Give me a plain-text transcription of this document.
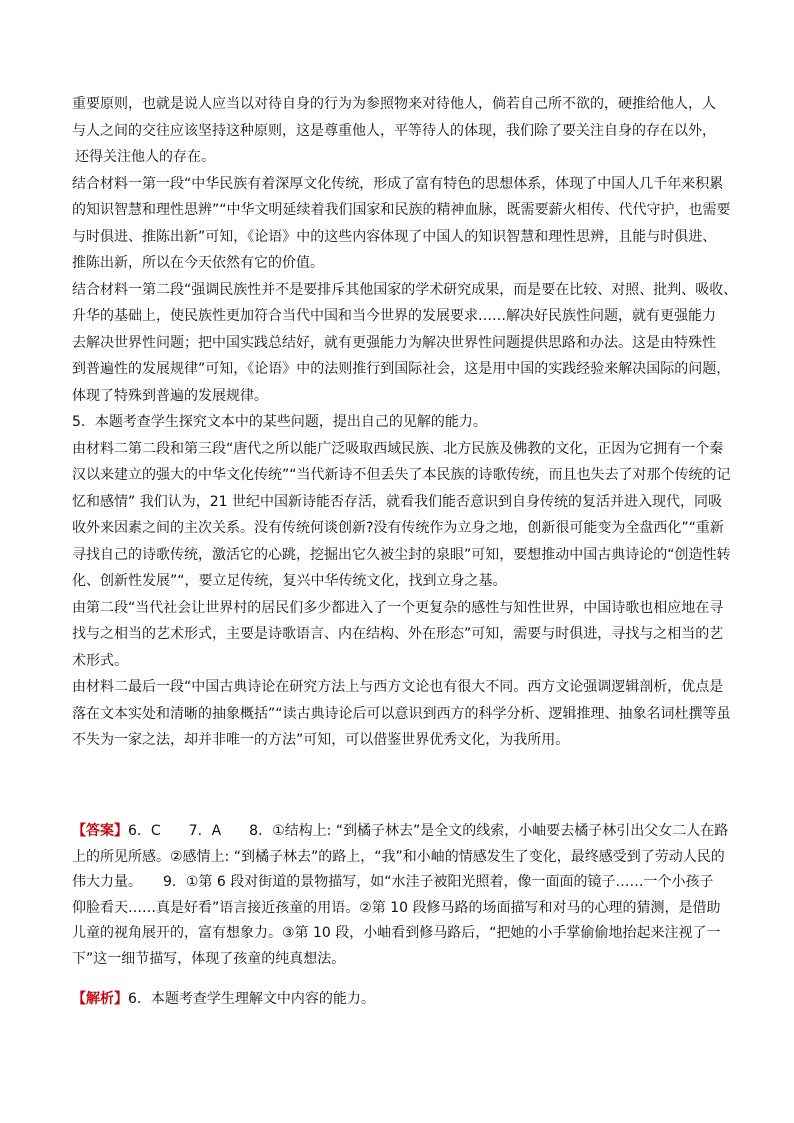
重要原则，也就是说人应当以对待自身的行为为参照物来对待他人，倘若自己所不欲的，硬推给他人，人
与人之间的交往应该坚持这种原则，这是尊重他人，平等待人的体现，我们除了要关注自身的存在以外，
还得关注他人的存在。
结合材料一第一段“中华民族有着深厚文化传统，形成了富有特色的思想体系，体现了中国人几千年来积累
的知识智慧和理性思辨”“中华文明延续着我们国家和民族的精神血脉，既需要薪火相传、代代守护，也需要
与时俱进、推陈出新”可知，《论语》中的这些内容体现了中国人的知识智慧和理性思辨，且能与时俱进、
推陈出新，所以在今天依然有它的价值。
结合材料一第二段“强调民族性并不是要排斥其他国家的学术研究成果，而是要在比较、对照、批判、吸收、
升华的基础上，使民族性更加符合当代中国和当今世界的发展要求……解决好民族性问题，就有更强能力
去解决世界性问题；把中国实践总结好，就有更强能力为解决世界性问题提供思路和办法。这是由特殊性
到普遍性的发展规律”可知，《论语》中的法则推行到国际社会，这是用中国的实践经验来解决国际的问题，
体现了特殊到普遍的发展规律。
5．本题考查学生探究文本中的某些问题，提出自己的见解的能力。
由材料二第二段和第三段“唐代之所以能广泛吸取西域民族、北方民族及佛教的文化，正因为它拥有一个秦
汉以来建立的强大的中华文化传统”“当代新诗不但丢失了本民族的诗歌传统，而且也失去了对那个传统的记
忆和感情” 我们认为，21 世纪中国新诗能否存活，就看我们能否意识到自身传统的复活并进入现代，同吸
收外来因素之间的主次关系。没有传统何谈创新?没有传统作为立身之地，创新很可能变为全盘西化”“重新
寻找自己的诗歌传统，激活它的心跳，挖掘出它久被尘封的泉眼”可知，要想推动中国古典诗论的“创造性转
化、创新性发展”“，要立足传统，复兴中华传统文化，找到立身之基。
由第二段“当代社会让世界村的居民们多少都进入了一个更复杂的感性与知性世界，中国诗歌也相应地在寻
找与之相当的艺术形式，主要是诗歌语言、内在结构、外在形态”可知，需要与时俱进，寻找与之相当的艺
术形式。
由材料二最后一段“中国古典诗论在研究方法上与西方文论也有很大不同。西方文论强调逻辑剖析，优点是
落在文本实处和清晰的抽象概括”“读古典诗论后可以意识到西方的科学分析、逻辑推理、抽象名词杜撰等虽
不失为一家之法，却并非唯一的方法”可知，可以借鉴世界优秀文化，为我所用。
【答案】6．C　　7．A　　8．①结构上: “到橘子林去”是全文的线索，小岫要去橘子林引出父女二人在路
上的所见所感。②感情上: “到橘子林去”的路上，“我”和小岫的情感发生了变化，最终感受到了劳动人民的
伟大力量。　　9．①第 6 段对街道的景物描写，如“水洼子被阳光照着，像一面面的镜子……一个小孩子
仰脸看天……真是好看”语言接近孩童的用语。②第 10 段修马路的场面描写和对马的心理的猜测，是借助
儿童的视角展开的，富有想象力。③第 10 段，小岫看到修马路后，“把她的小手掌偷偷地抬起来注视了一
下”这一细节描写，体现了孩童的纯真想法。
【解析】6．本题考查学生理解文中内容的能力。
